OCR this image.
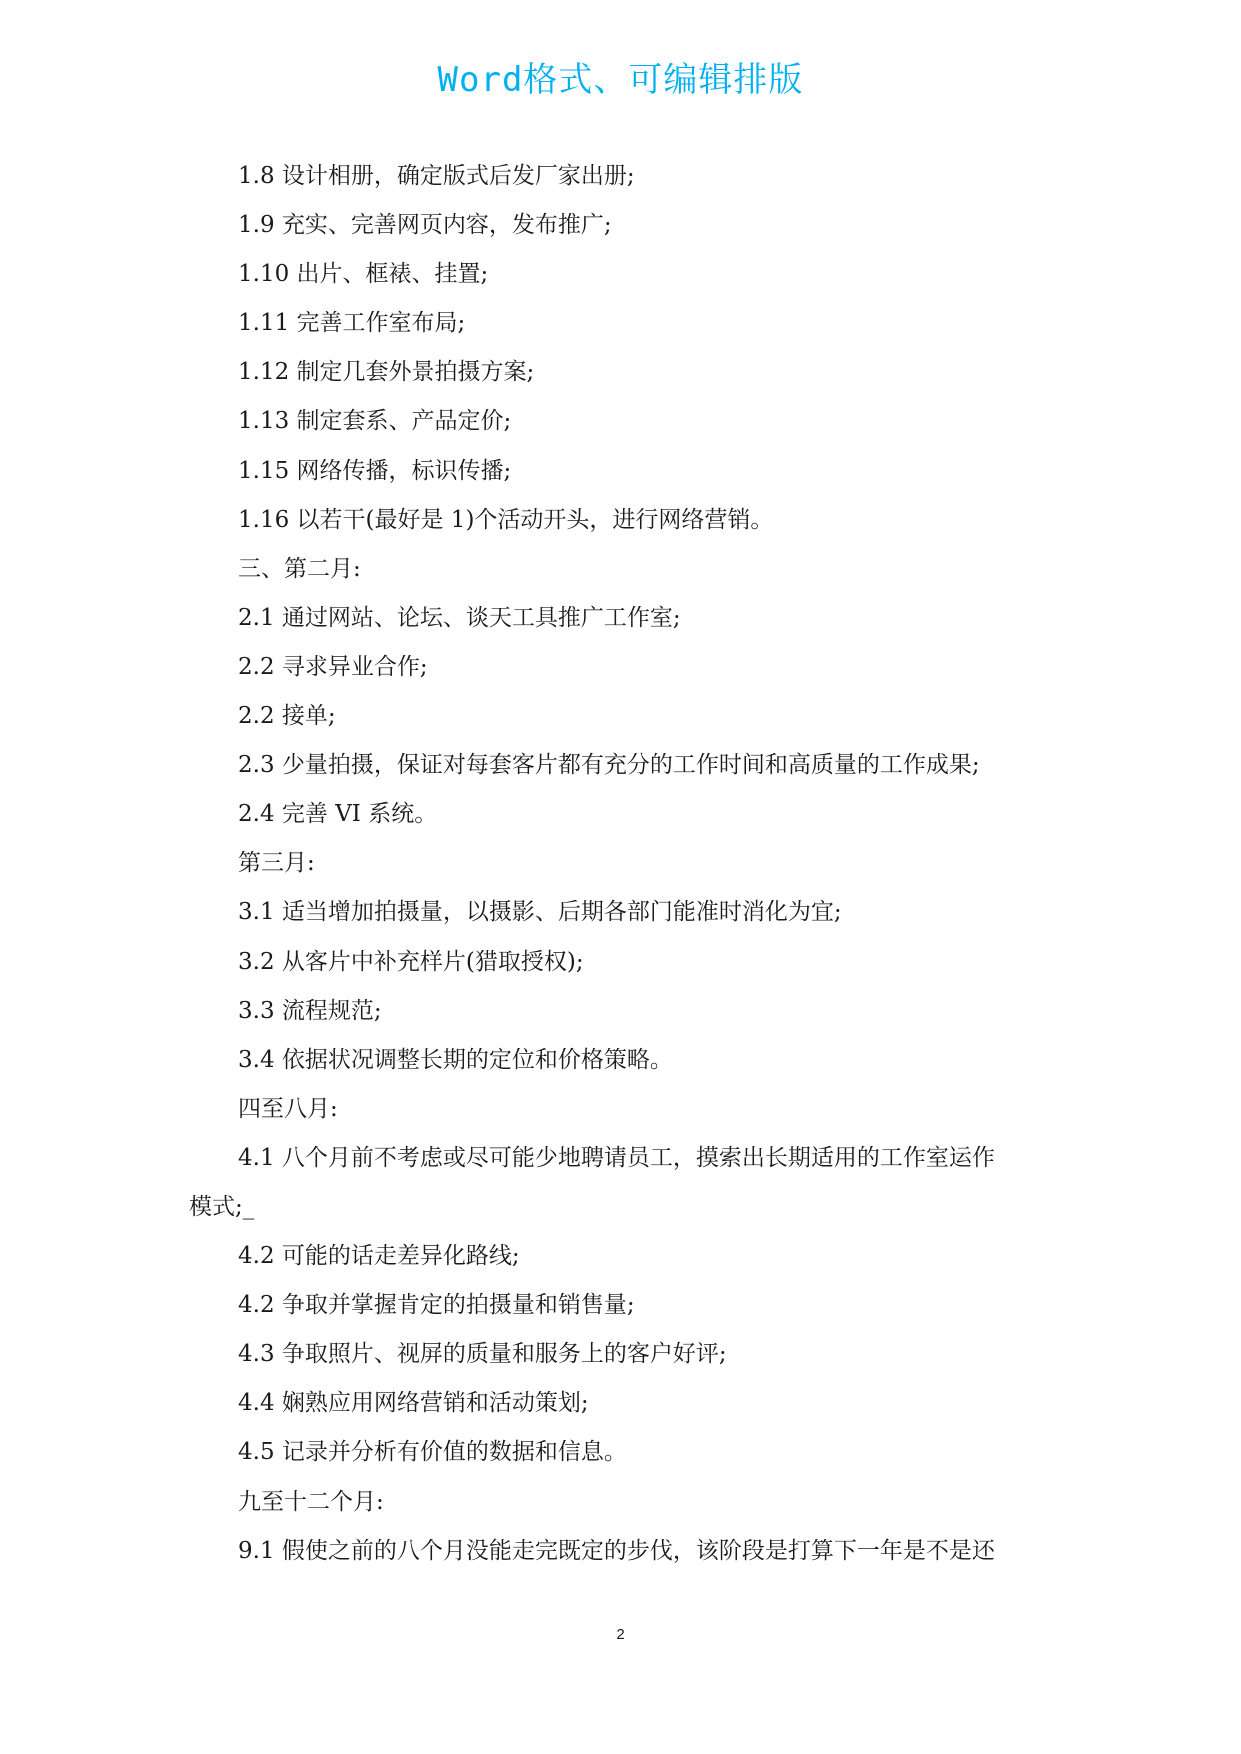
Word格式、可编辑排版
1.8 设计相册，确定版式后发厂家出册;
1.9 充实、完善网页内容，发布推广;
1.10 出片、框裱、挂置;
1.11 完善工作室布局;
1.12 制定几套外景拍摄方案;
1.13 制定套系、产品定价;
1.15 网络传播，标识传播;
1.16 以若干(最好是 1)个活动开头，进行网络营销。
三、第二月:
2.1 通过网站、论坛、谈天工具推广工作室;
2.2 寻求异业合作;
2.2 接单;
2.3 少量拍摄，保证对每套客片都有充分的工作时间和高质量的工作成果;
2.4 完善 VI 系统。
第三月:
3.1 适当增加拍摄量，以摄影、后期各部门能准时消化为宜;
3.2 从客片中补充样片(猎取授权);
3.3 流程规范;
3.4 依据状况调整长期的定位和价格策略。
四至八月:
4.1 八个月前不考虑或尽可能少地聘请员工，摸索出长期适用的工作室运作
模式;_
4.2 可能的话走差异化路线;
4.2 争取并掌握肯定的拍摄量和销售量;
4.3 争取照片、视屏的质量和服务上的客户好评;
4.4 娴熟应用网络营销和活动策划;
4.5 记录并分析有价值的数据和信息。
九至十二个月:
9.1 假使之前的八个月没能走完既定的步伐，该阶段是打算下一年是不是还
2
